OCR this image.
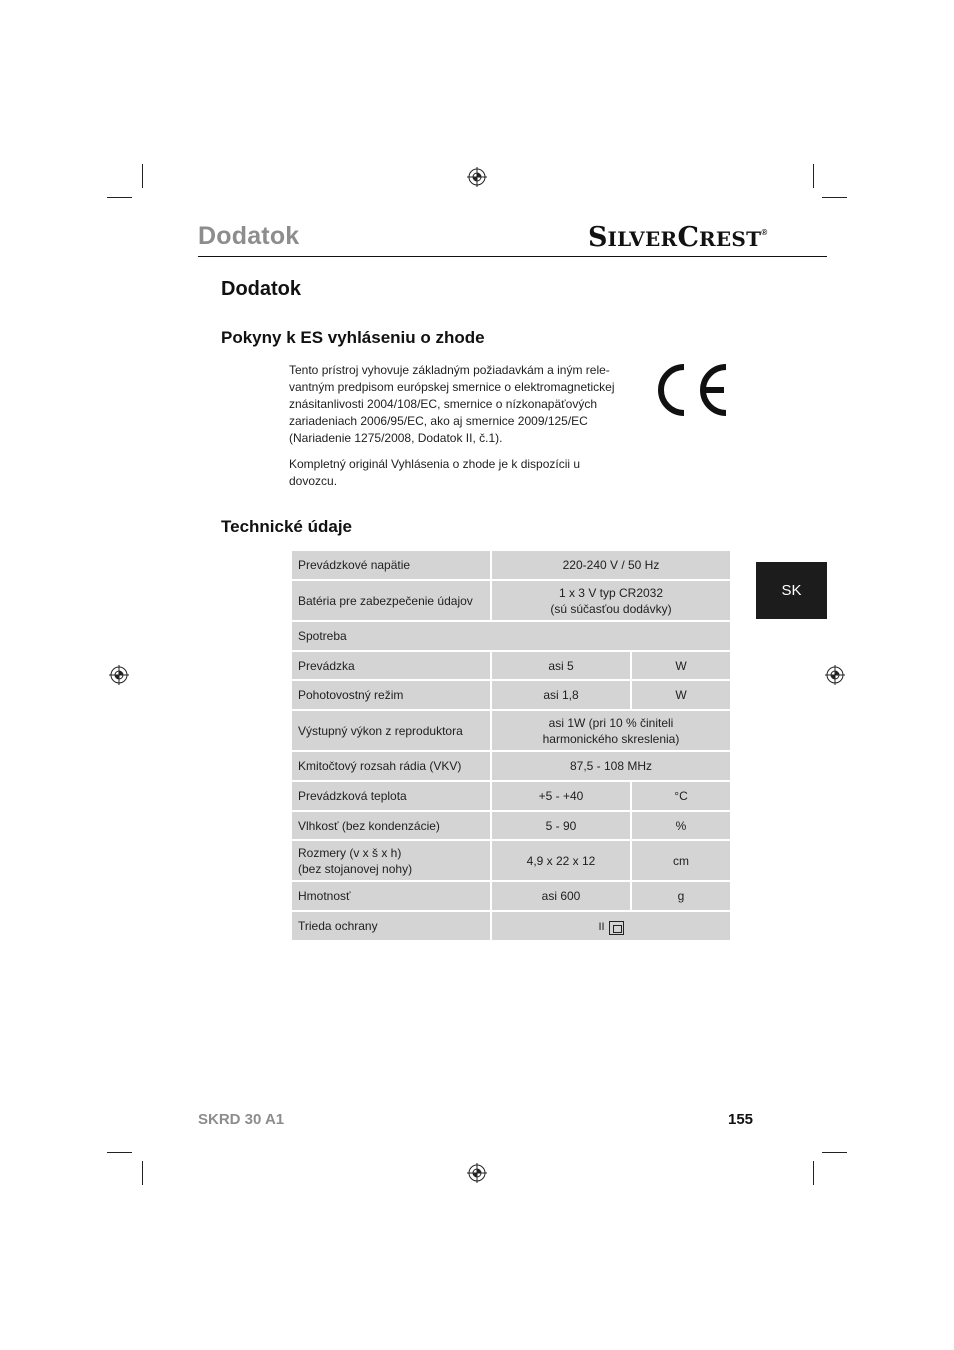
Dodatok	SILVERCREST®
Dodatok
Pokyny k ES vyhláseniu o zhode
Tento prístroj vyhovuje základným požiadavkám a iným rele-
vantným predpisom európskej smernice o elektromagnetickej
znásitanlivosti 2004/108/EC, smernice o nízkonapäťových
zariadeniach 2006/95/EC, ako aj smernice 2009/125/EC
(Nariadenie 1275/2008, Dodatok II, č.1).
Kompletný originál Vyhlásenia o zhode je k dispozícii u
dovozcu.
Technické údaje
SK
Prevádzkové napätie	220-240 V / 50 Hz	
Batéria pre zabezpečenie údajov	1 x 3 V typ CR2032
(sú súčasťou dodávky)	

Spotreba		
Prevádzka	asi 5	W
Pohotovostný režim	asi 1,8	W
Výstupný výkon z reproduktora	asi 1W (pri 10 % činiteli
harmonického skreslenia)	

Kmitočtový rozsah rádia (VKV)	87,5 - 108 MHz	
Prevádzková teplota	+5 - +40	°C
Vlhkosť (bez kondenzácie)	5 - 90	%

Rozmery (v x š x h)
(bez stojanovej nohy)	4,9 x 22 x 12	cm
Hmotnosť	asi 600	g
Trieda ochrany	II	
SKRD 30 A1	155
